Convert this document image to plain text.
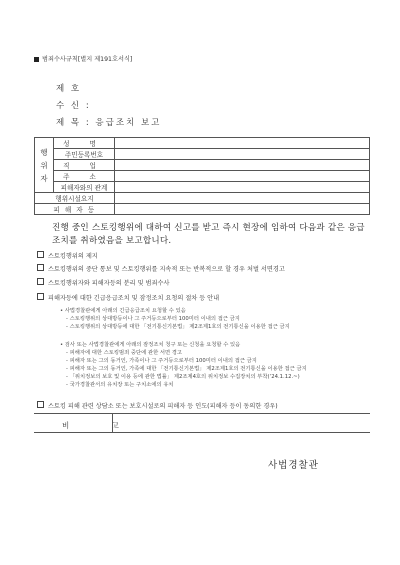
범죄수사규칙[별지 제191호서식]
제 호
수 신 :
제 목 : 응급조치 보고
행
위
자	성 명	
	주민등록번호	
	직 업	
	주 소	
	피해자와의 관계	
행위시설요지		
피 해 자 등		
진행 중인 스토킹행위에 대하여 신고를 받고 즉시 현장에 임하여 다음과 같은 응급조치를 취하였음을 보고합니다.
스토킹행위의 제지
스토킹행위의 중단 통보 및 스토킹행위를 지속적 또는 반복적으로 할 경우 처벌 서면경고
스토킹행위자와 피해자등의 분리 및 범죄수사
피해자등에 대한 긴급응급조치 및 잠정조치 요청의 절차 등 안내
• 사법경찰관에게 아래의 긴급응급조치 요청할 수 있음
- 스토킹행위의 상대방등이나 그 주거등으로부터 100미터 이내의 접근 금지
- 스토킹행위의 상대방등에 대한 「전기통신기본법」 제2조제1호의 전기통신을 이용한 접근 금지
• 검사 또는 사법경찰관에게 아래의 잠정조치 청구 또는 신청을 요청할 수 있음
- 피해자에 대한 스토킹범죄 중단에 관한 서면 경고
- 피해자 또는 그의 동거인, 가족이나 그 주거등으로부터 100미터 이내의 접근 금지
- 피해자 또는 그의 동거인, 가족에 대한 「전기통신기본법」 제2조제1호의 전기통신을 이용한 접근 금지
- 「위치정보의 보호 및 이용 등에 관한 법률」 제2조제4호의 위치정보 수집장치의 부착(‘24.1.12.~)
- 국가경찰관서의 유치장 또는 구치소에의 유치
스토킹 피해 관련 상담소 또는 보호시설로의 피해자 등 인도(피해자 등이 동의한 경우)
비 고
사법경찰관
